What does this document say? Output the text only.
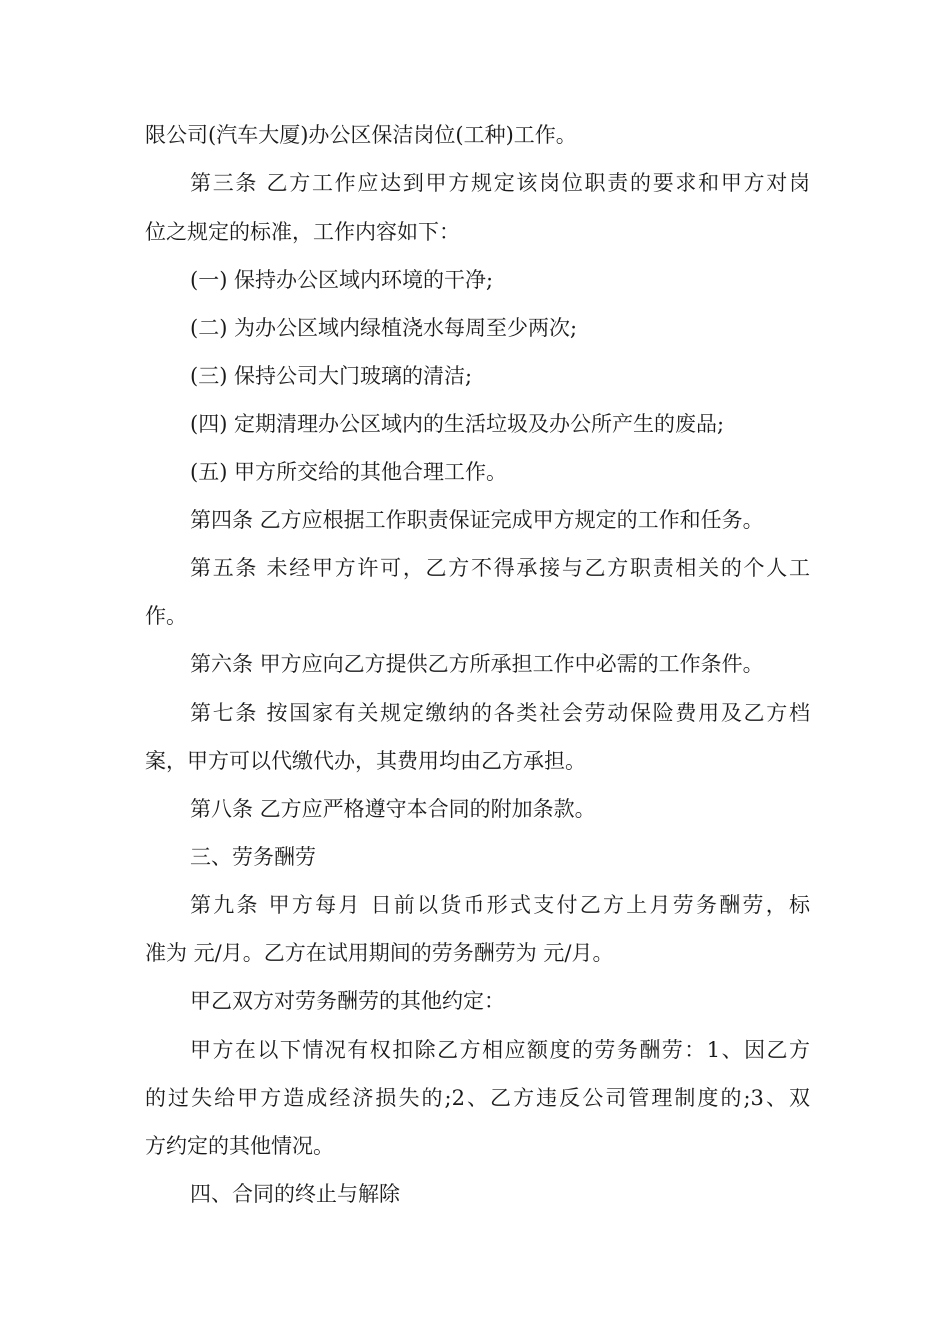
限公司(汽车大厦)办公区保洁岗位(工种)工作。
第三条 乙方工作应达到甲方规定该岗位职责的要求和甲方对岗
位之规定的标准，工作内容如下：
(一) 保持办公区域内环境的干净;
(二) 为办公区域内绿植浇水每周至少两次;
(三) 保持公司大门玻璃的清洁;
(四) 定期清理办公区域内的生活垃圾及办公所产生的废品;
(五) 甲方所交给的其他合理工作。
第四条 乙方应根据工作职责保证完成甲方规定的工作和任务。
第五条 未经甲方许可，乙方不得承接与乙方职责相关的个人工
作。
第六条 甲方应向乙方提供乙方所承担工作中必需的工作条件。
第七条 按国家有关规定缴纳的各类社会劳动保险费用及乙方档
案，甲方可以代缴代办，其费用均由乙方承担。
第八条 乙方应严格遵守本合同的附加条款。
三、劳务酬劳
第九条 甲方每月 日前以货币形式支付乙方上月劳务酬劳，标
准为 元/月。乙方在试用期间的劳务酬劳为 元/月。
甲乙双方对劳务酬劳的其他约定：
甲方在以下情况有权扣除乙方相应额度的劳务酬劳：1、因乙方
的过失给甲方造成经济损失的;2、乙方违反公司管理制度的;3、双
方约定的其他情况。
四、合同的终止与解除
